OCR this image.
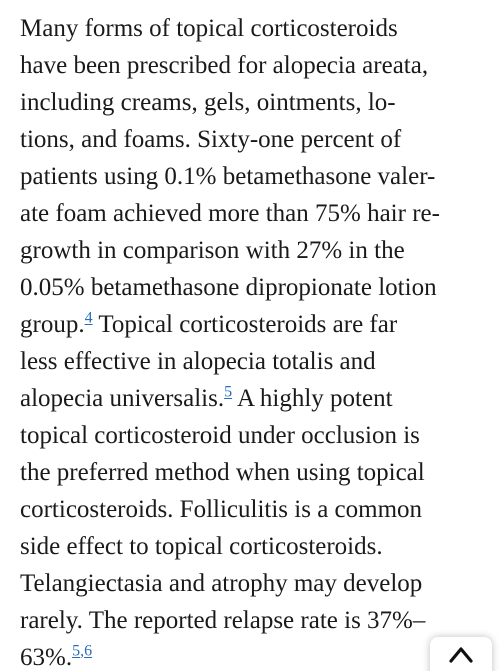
Many forms of topical corticosteroids
have been prescribed for alopecia areata,
including creams, gels, ointments, lo-
tions, and foams. Sixty-one percent of
patients using 0.1% betamethasone valer-
ate foam achieved more than 75% hair re-
growth in comparison with 27% in the
0.05% betamethasone dipropionate lotion
group.$^4$ Topical corticosteroids are far
less effective in alopecia totalis and
alopecia universalis.$^5$ A highly potent
topical corticosteroid under occlusion is
the preferred method when using topical
corticosteroids. Folliculitis is a common
side effect to topical corticosteroids.
Telangiectasia and atrophy may develop
rarely. The reported relapse rate is 37%–
63%.$^{5,6}$
